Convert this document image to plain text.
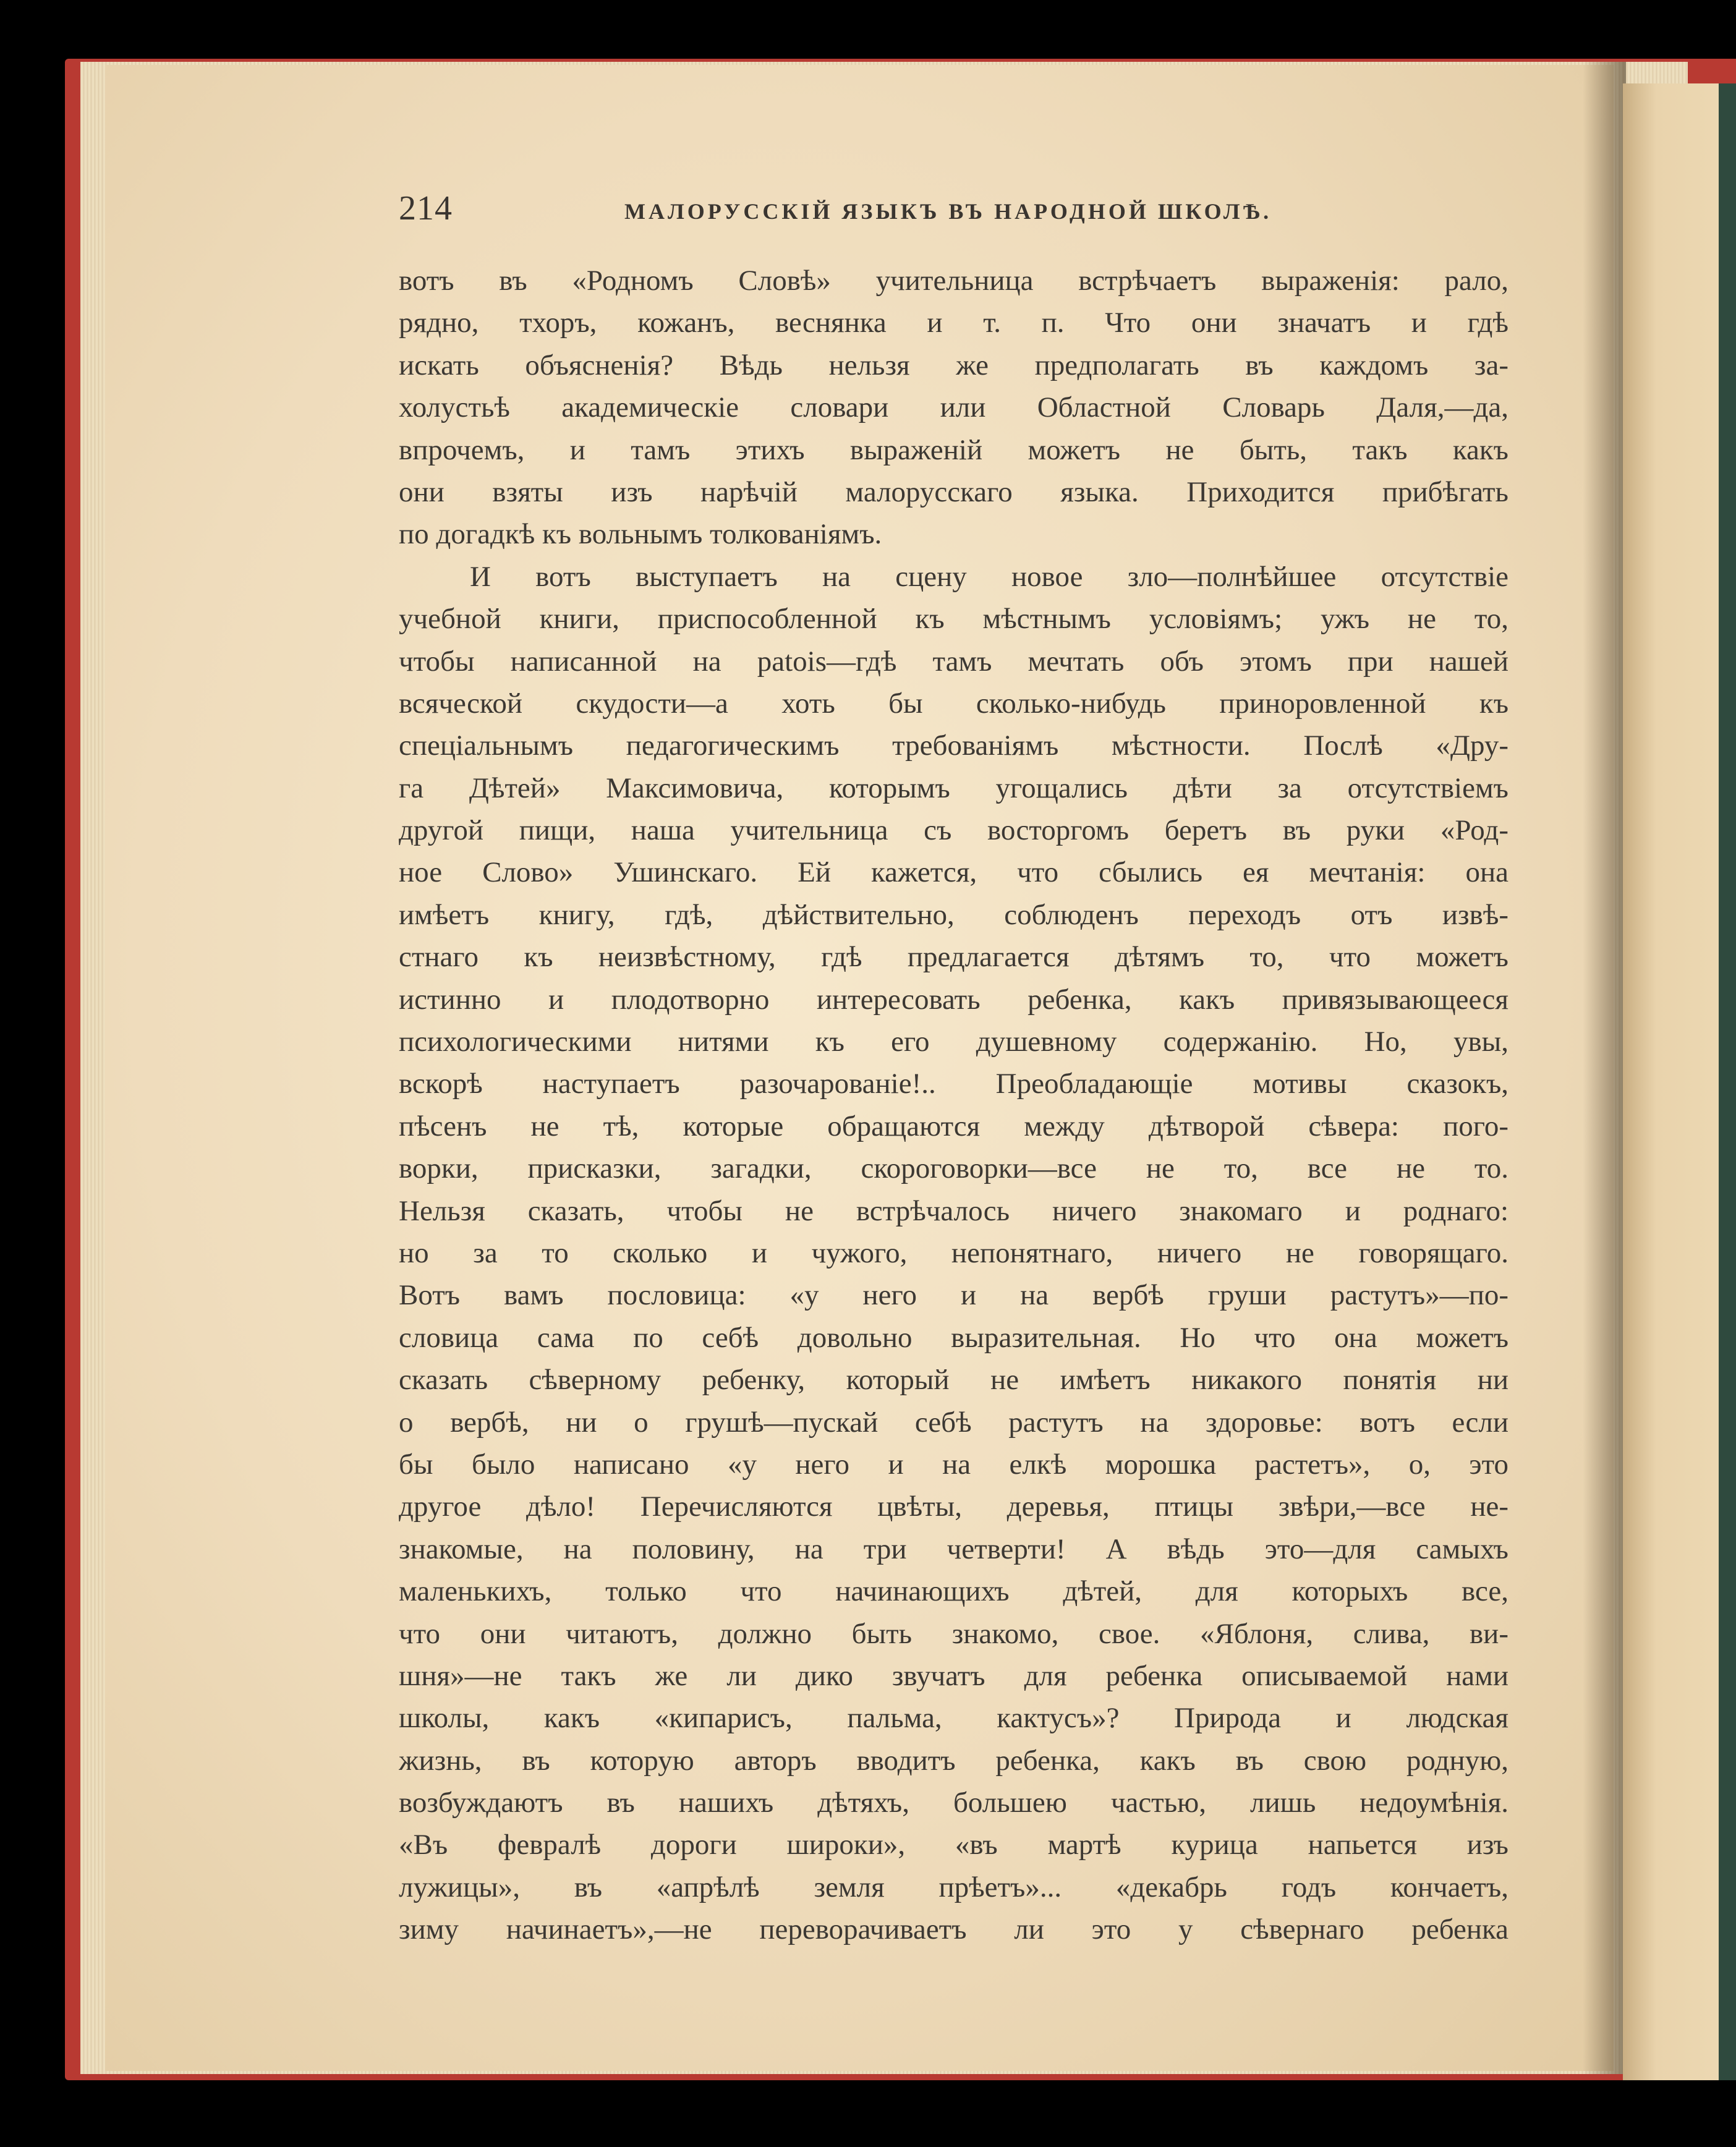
214	МАЛОРУССКІЙ ЯЗЫКЪ ВЪ НАРОДНОЙ ШКОЛѢ.
вотъ въ «Родномъ Словѣ» учительница встрѣчаетъ выраженія: рало,
рядно, тхоръ, кожанъ, веснянка и т. п. Что они значатъ и гдѣ
искать объясненія? Вѣдь нельзя же предполагать въ каждомъ за-
холустьѣ академическіе словари или Областной Словарь Даля,—да,
впрочемъ, и тамъ этихъ выраженій можетъ не быть, такъ какъ
они взяты изъ нарѣчій малорусскаго языка. Приходится прибѣгать
по догадкѣ къ вольнымъ толкованіямъ.
И вотъ выступаетъ на сцену новое зло—полнѣйшее отсутствіе
учебной книги, приспособленной къ мѣстнымъ условіямъ; ужъ не то,
чтобы написанной на patois—гдѣ тамъ мечтать объ этомъ при нашей
всяческой скудости—а хоть бы сколько-нибудь приноровленной къ
спеціальнымъ педагогическимъ требованіямъ мѣстности. Послѣ «Дру-
га Дѣтей» Максимовича, которымъ угощались дѣти за отсутствіемъ
другой пищи, наша учительница съ восторгомъ беретъ въ руки «Род-
ное Слово» Ушинскаго. Ей кажется, что сбылись ея мечтанія: она
имѣетъ книгу, гдѣ, дѣйствительно, соблюденъ переходъ отъ извѣ-
стнаго къ неизвѣстному, гдѣ предлагается дѣтямъ то, что можетъ
истинно и плодотворно интересовать ребенка, какъ привязывающееся
психологическими нитями къ его душевному содержанію. Но, увы,
вскорѣ наступаетъ разочарованіе!.. Преобладающіе мотивы сказокъ,
пѣсенъ не тѣ, которые обращаются между дѣтворой сѣвера: пого-
ворки, присказки, загадки, скороговорки—все не то, все не то.
Нельзя сказать, чтобы не встрѣчалось ничего знакомаго и роднаго:
но за то сколько и чужого, непонятнаго, ничего не говорящаго.
Вотъ вамъ пословица: «у него и на вербѣ груши растутъ»—по-
словица сама по себѣ довольно выразительная. Но что она можетъ
сказать сѣверному ребенку, который не имѣетъ никакого понятія ни
о вербѣ, ни о грушѣ—пускай себѣ растутъ на здоровье: вотъ если
бы было написано «у него и на елкѣ морошка растетъ», о, это
другое дѣло! Перечисляются цвѣты, деревья, птицы звѣри,—все не-
знакомые, на половину, на три четверти! А вѣдь это—для самыхъ
маленькихъ, только что начинающихъ дѣтей, для которыхъ все,
что они читаютъ, должно быть знакомо, свое. «Яблоня, слива, ви-
шня»—не такъ же ли дико звучатъ для ребенка описываемой нами
школы, какъ «кипарисъ, пальма, кактусъ»? Природа и людская
жизнь, въ которую авторъ вводитъ ребенка, какъ въ свою родную,
возбуждаютъ въ нашихъ дѣтяхъ, большею частью, лишь недоумѣнія.
«Въ февралѣ дороги широки», «въ мартѣ курица напьется изъ
лужицы», въ «апрѣлѣ земля прѣетъ»... «декабрь годъ кончаетъ,
зиму начинаетъ»,—не переворачиваетъ ли это у сѣвернаго ребенка
